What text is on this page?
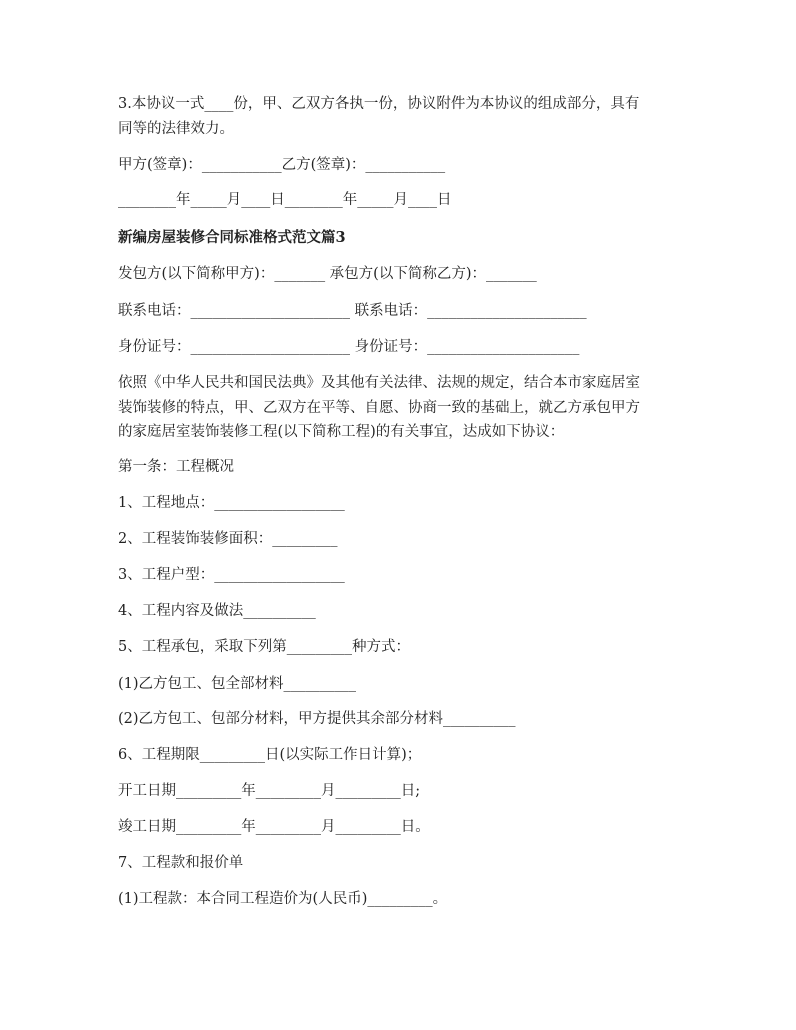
3.本协议一式____份，甲、乙双方各执一份，协议附件为本协议的组成部分，具有
同等的法律效力。
甲方(签章)：___________乙方(签章)：___________
________年_____月____日________年_____月____日
新编房屋装修合同标准格式范文篇3
发包方(以下简称甲方)：_______ 承包方(以下简称乙方)：_______
联系电话：______________________ 联系电话：______________________
身份证号：______________________ 身份证号：_____________________
依照《中华人民共和国民法典》及其他有关法律、法规的规定，结合本市家庭居室
装饰装修的特点，甲、乙双方在平等、自愿、协商一致的基础上，就乙方承包甲方
的家庭居室装饰装修工程(以下简称工程)的有关事宜，达成如下协议：
第一条：工程概况
1、工程地点：__________________
2、工程装饰装修面积：_________
3、工程户型：__________________
4、工程内容及做法__________
5、工程承包，采取下列第_________种方式：
(1)乙方包工、包全部材料__________
(2)乙方包工、包部分材料，甲方提供其余部分材料__________
6、工程期限_________日(以实际工作日计算)；
开工日期_________年_________月_________日;
竣工日期_________年_________月_________日。
7、工程款和报价单
(1)工程款：本合同工程造价为(人民币)_________。
